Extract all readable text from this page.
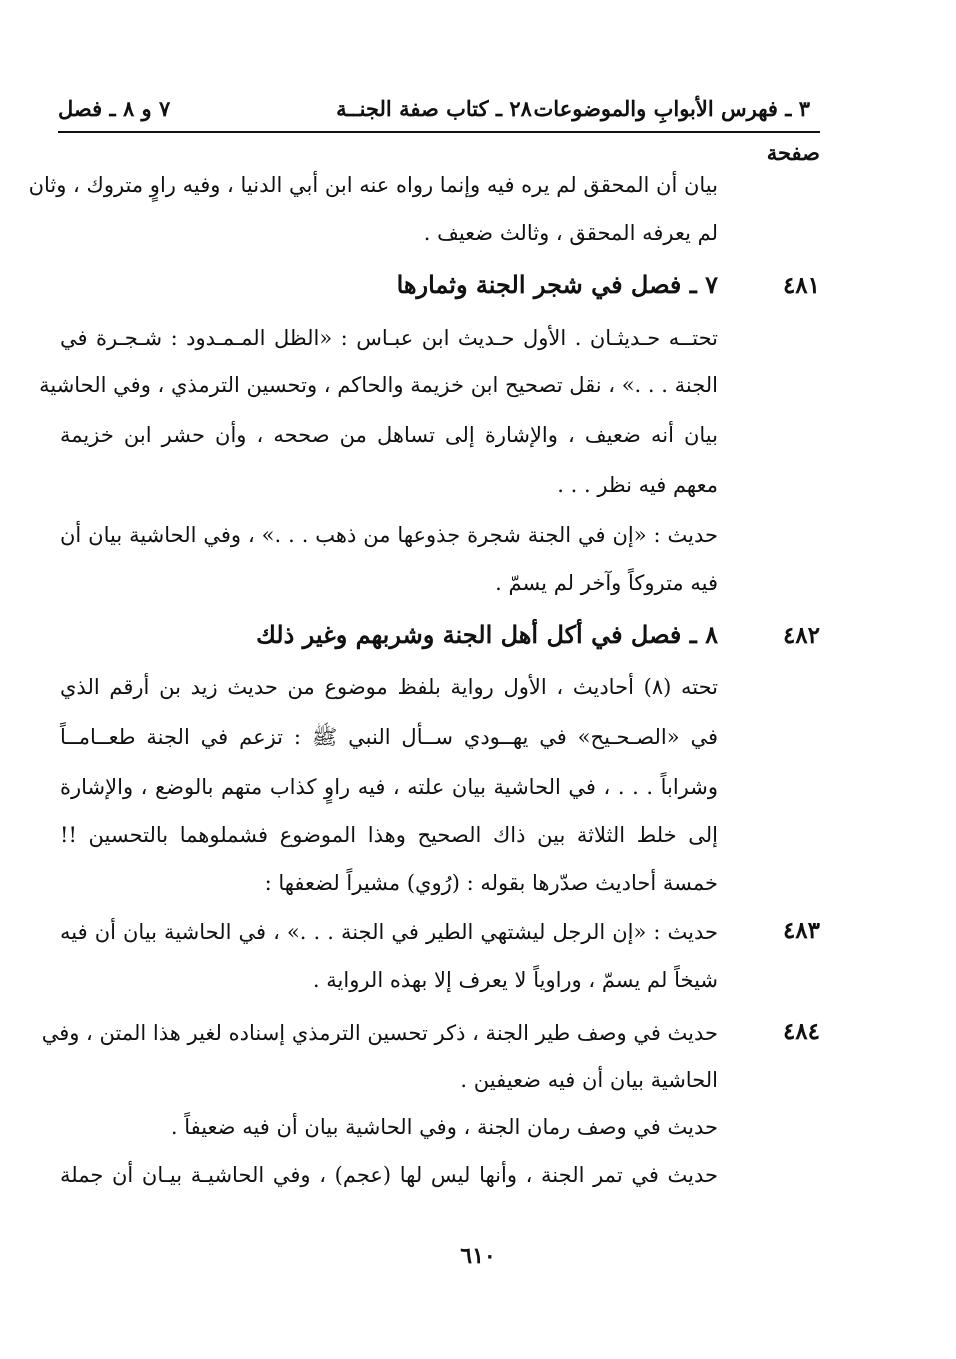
٣ ـ فهرس الأبوابِ والموضوعات
٢٨ ـ كتاب صفة الجنــة
٧ و ٨ ـ فصل
صفحة
بيان أن المحقق لم يره فيه وإنما رواه عنه ابن أبي الدنيا ، وفيه راوٍ متروك ، وثان
لم يعرفه المحقق ، وثالث ضعيف .
٤٨١
٧ ـ فصل في شجر الجنة وثمارها
تحتــه حـديثـان . الأول حـديث ابن عبـاس : «الظل المـمـدود : شـجـرة في
الجنة . . .» ، نقل تصحيح ابن خزيمة والحاكم ، وتحسين الترمذي ، وفي الحاشية
بيان أنه ضعيف ، والإشارة إلى تساهل من صححه ، وأن حشر ابن خزيمة
معهم فيه نظر . . .
حديث : «إن في الجنة شجرة جذوعها من ذهب . . .» ، وفي الحاشية بيان أن
فيه متروكاً وآخر لم يسمّ .
٤٨٢
٨ ـ فصل في أكل أهل الجنة وشربهم وغير ذلك
تحته (٨) أحاديث ، الأول رواية بلفظ موضوع من حديث زيد بن أرقم الذي
في «الصـحـيح» في يهــودي ســأل النبي ﷺ : تزعم في الجنة طعــامــاً
وشراباً . . . ، في الحاشية بيان علته ، فيه راوٍ كذاب متهم بالوضع ، والإشارة
إلى خلط الثلاثة بين ذاك الصحيح وهذا الموضوع فشملوهما بالتحسين !!
خمسة أحاديث صدّرها بقوله : (رُوي) مشيراً لضعفها :
٤٨٣
حديث : «إن الرجل ليشتهي الطير في الجنة . . .» ، في الحاشية بيان أن فيه
شيخاً لم يسمّ ، وراوياً لا يعرف إلا بهذه الرواية .
٤٨٤
حديث في وصف طير الجنة ، ذكر تحسين الترمذي إسناده لغير هذا المتن ، وفي
الحاشية بيان أن فيه ضعيفين .
حديث في وصف رمان الجنة ، وفي الحاشية بيان أن فيه ضعيفاً .
حديث في تمر الجنة ، وأنها ليس لها (عجم) ، وفي الحاشيـة بيـان أن جملة
٦١٠
